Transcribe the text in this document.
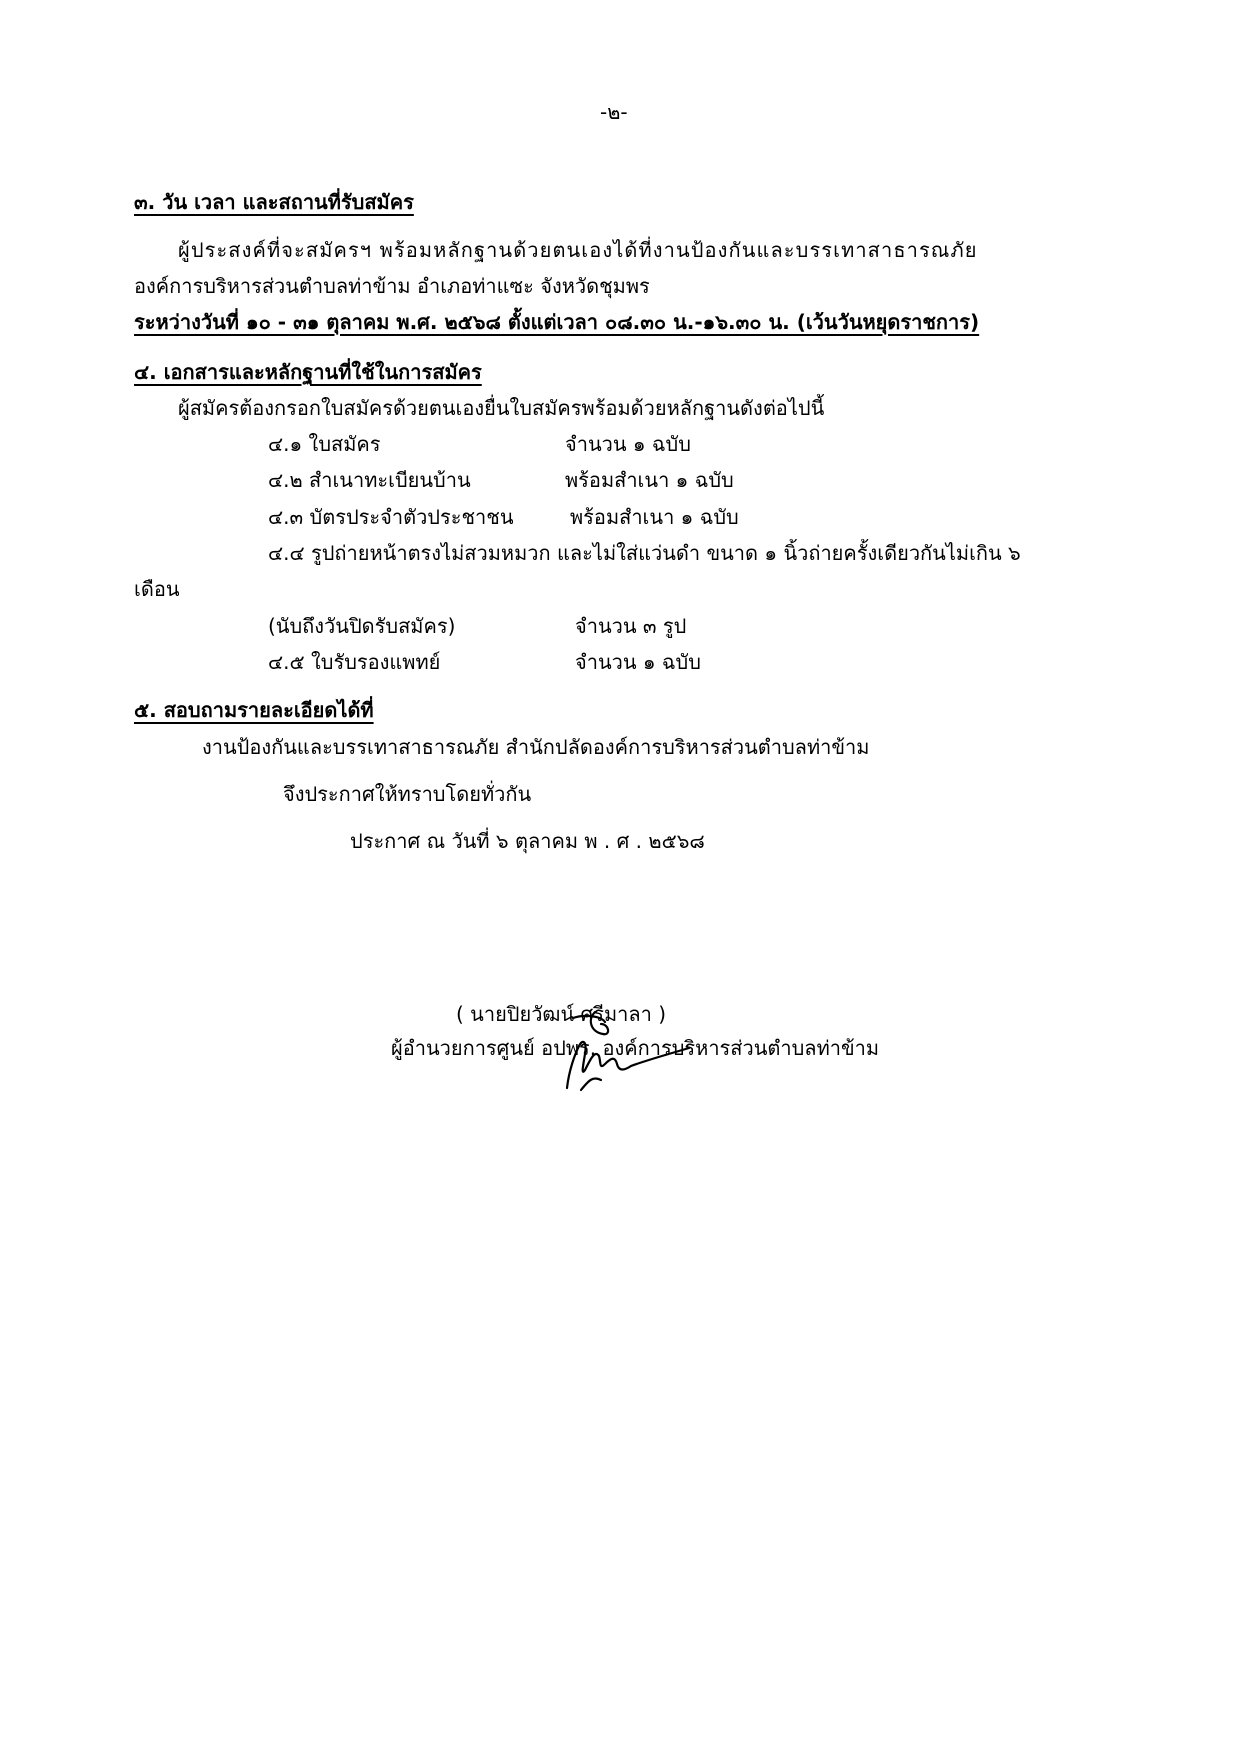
-๒-
๓. วัน เวลา และสถานที่รับสมัคร
ผู้ประสงค์ที่จะสมัครฯ พร้อมหลักฐานด้วยตนเองได้ที่งานป้องกันและบรรเทาสาธารณภัย
องค์การบริหารส่วนตำบลท่าข้าม อำเภอท่าแซะ จังหวัดชุมพร
ระหว่างวันที่ ๑๐ - ๓๑ ตุลาคม พ.ศ. ๒๕๖๘ ตั้งแต่เวลา ๐๘.๓๐ น.-๑๖.๓๐ น. (เว้นวันหยุดราชการ)
๔. เอกสารและหลักฐานที่ใช้ในการสมัคร
ผู้สมัครต้องกรอกใบสมัครด้วยตนเองยื่นใบสมัครพร้อมด้วยหลักฐานดังต่อไปนี้
๔.๑ ใบสมัคร	จำนวน ๑ ฉบับ
๔.๒ สำเนาทะเบียนบ้าน	พร้อมสำเนา ๑ ฉบับ
๔.๓ บัตรประจำตัวประชาชน	พร้อมสำเนา ๑ ฉบับ
๔.๔ รูปถ่ายหน้าตรงไม่สวมหมวก และไม่ใส่แว่นดำ ขนาด ๑ นิ้วถ่ายครั้งเดียวกันไม่เกิน ๖
เดือน
(นับถึงวันปิดรับสมัคร)	จำนวน ๓ รูป
๔.๕ ใบรับรองแพทย์	จำนวน ๑ ฉบับ
๕. สอบถามรายละเอียดได้ที่
งานป้องกันและบรรเทาสาธารณภัย สำนักปลัดองค์การบริหารส่วนตำบลท่าข้าม
จึงประกาศให้ทราบโดยทั่วกัน
ประกาศ ณ วันที่ ๖ ตุลาคม พ . ศ . ๒๕๖๘
( นายปิยวัฒน์ ศรีมาลา )
ผู้อำนวยการศูนย์ อปพร. องค์การบริหารส่วนตำบลท่าข้าม
